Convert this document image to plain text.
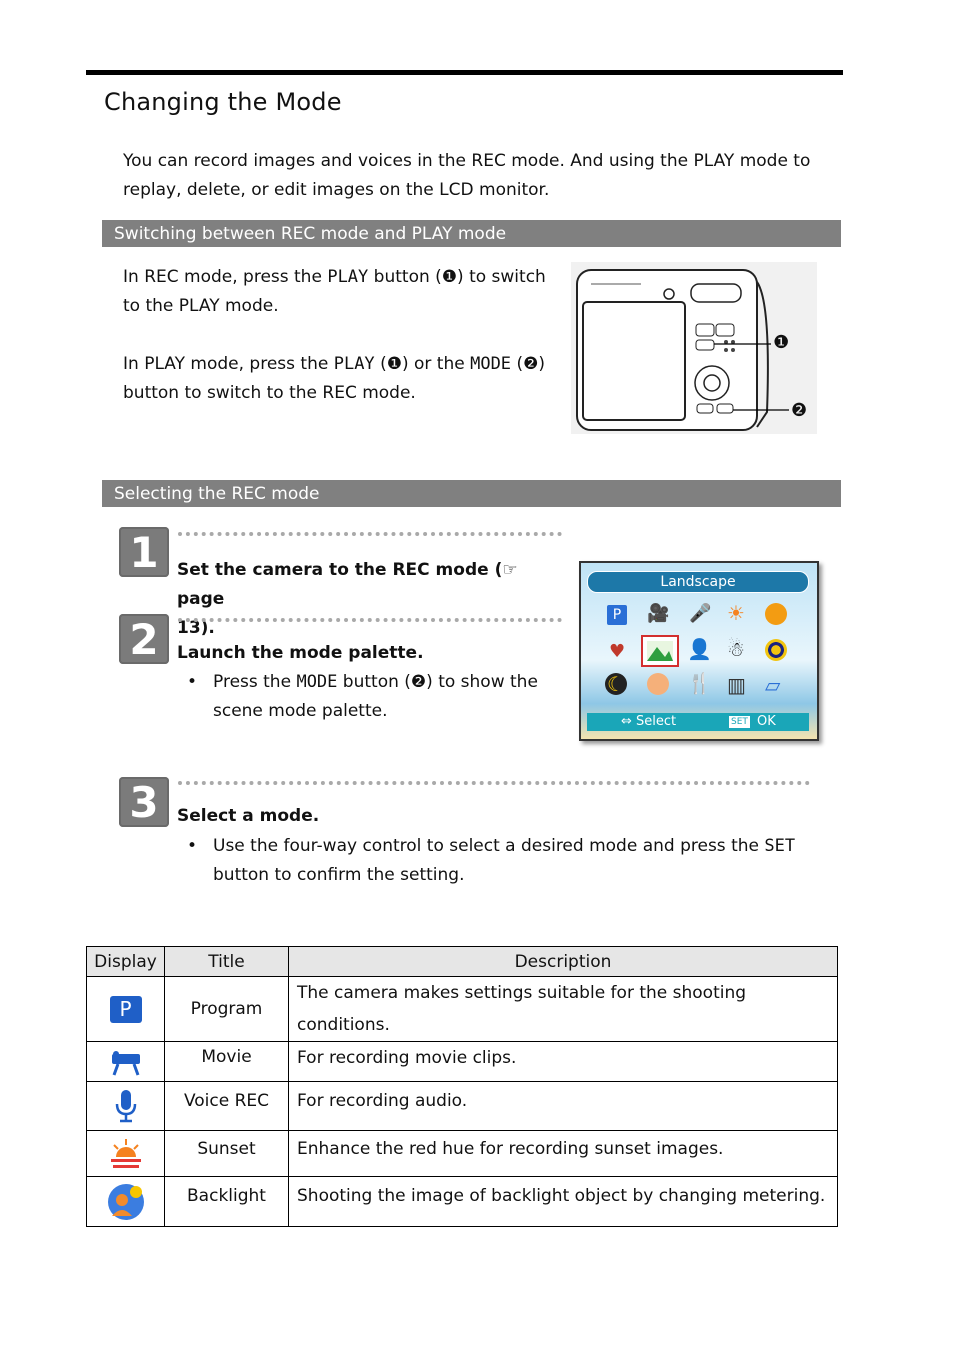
Changing the Mode
You can record images and voices in the REC mode. And using the PLAY mode to
replay, delete, or edit images on the LCD monitor.
Switching between REC mode and PLAY mode
In REC mode, press the PLAY button (❶) to switch
to the PLAY mode.
In PLAY mode, press the PLAY (❶) or the MODE (❷)
button to switch to the REC mode.
❶
❷
Selecting the REC mode
1	Set the camera to the REC mode (☞page
13).
2	Launch the mode palette.
• Press the MODE button (❷) to show the
scene mode palette.
Landscape
P	🎥 🎤 ☀
♥	👤 ☃
☾	🍴 ▥ ▱
⇔ Select	SET OK
3	Select a mode.
• Use the four-way control to select a desired mode and press the SET
button to confirm the setting.
Display	Title	Description

P	Program	The camera makes settings suitable for the shooting
conditions.

	Movie	For recording movie clips.

	Voice REC	For recording audio.

	Sunset	Enhance the red hue for recording sunset images.

	Backlight	Shooting the image of backlight object by changing metering.
